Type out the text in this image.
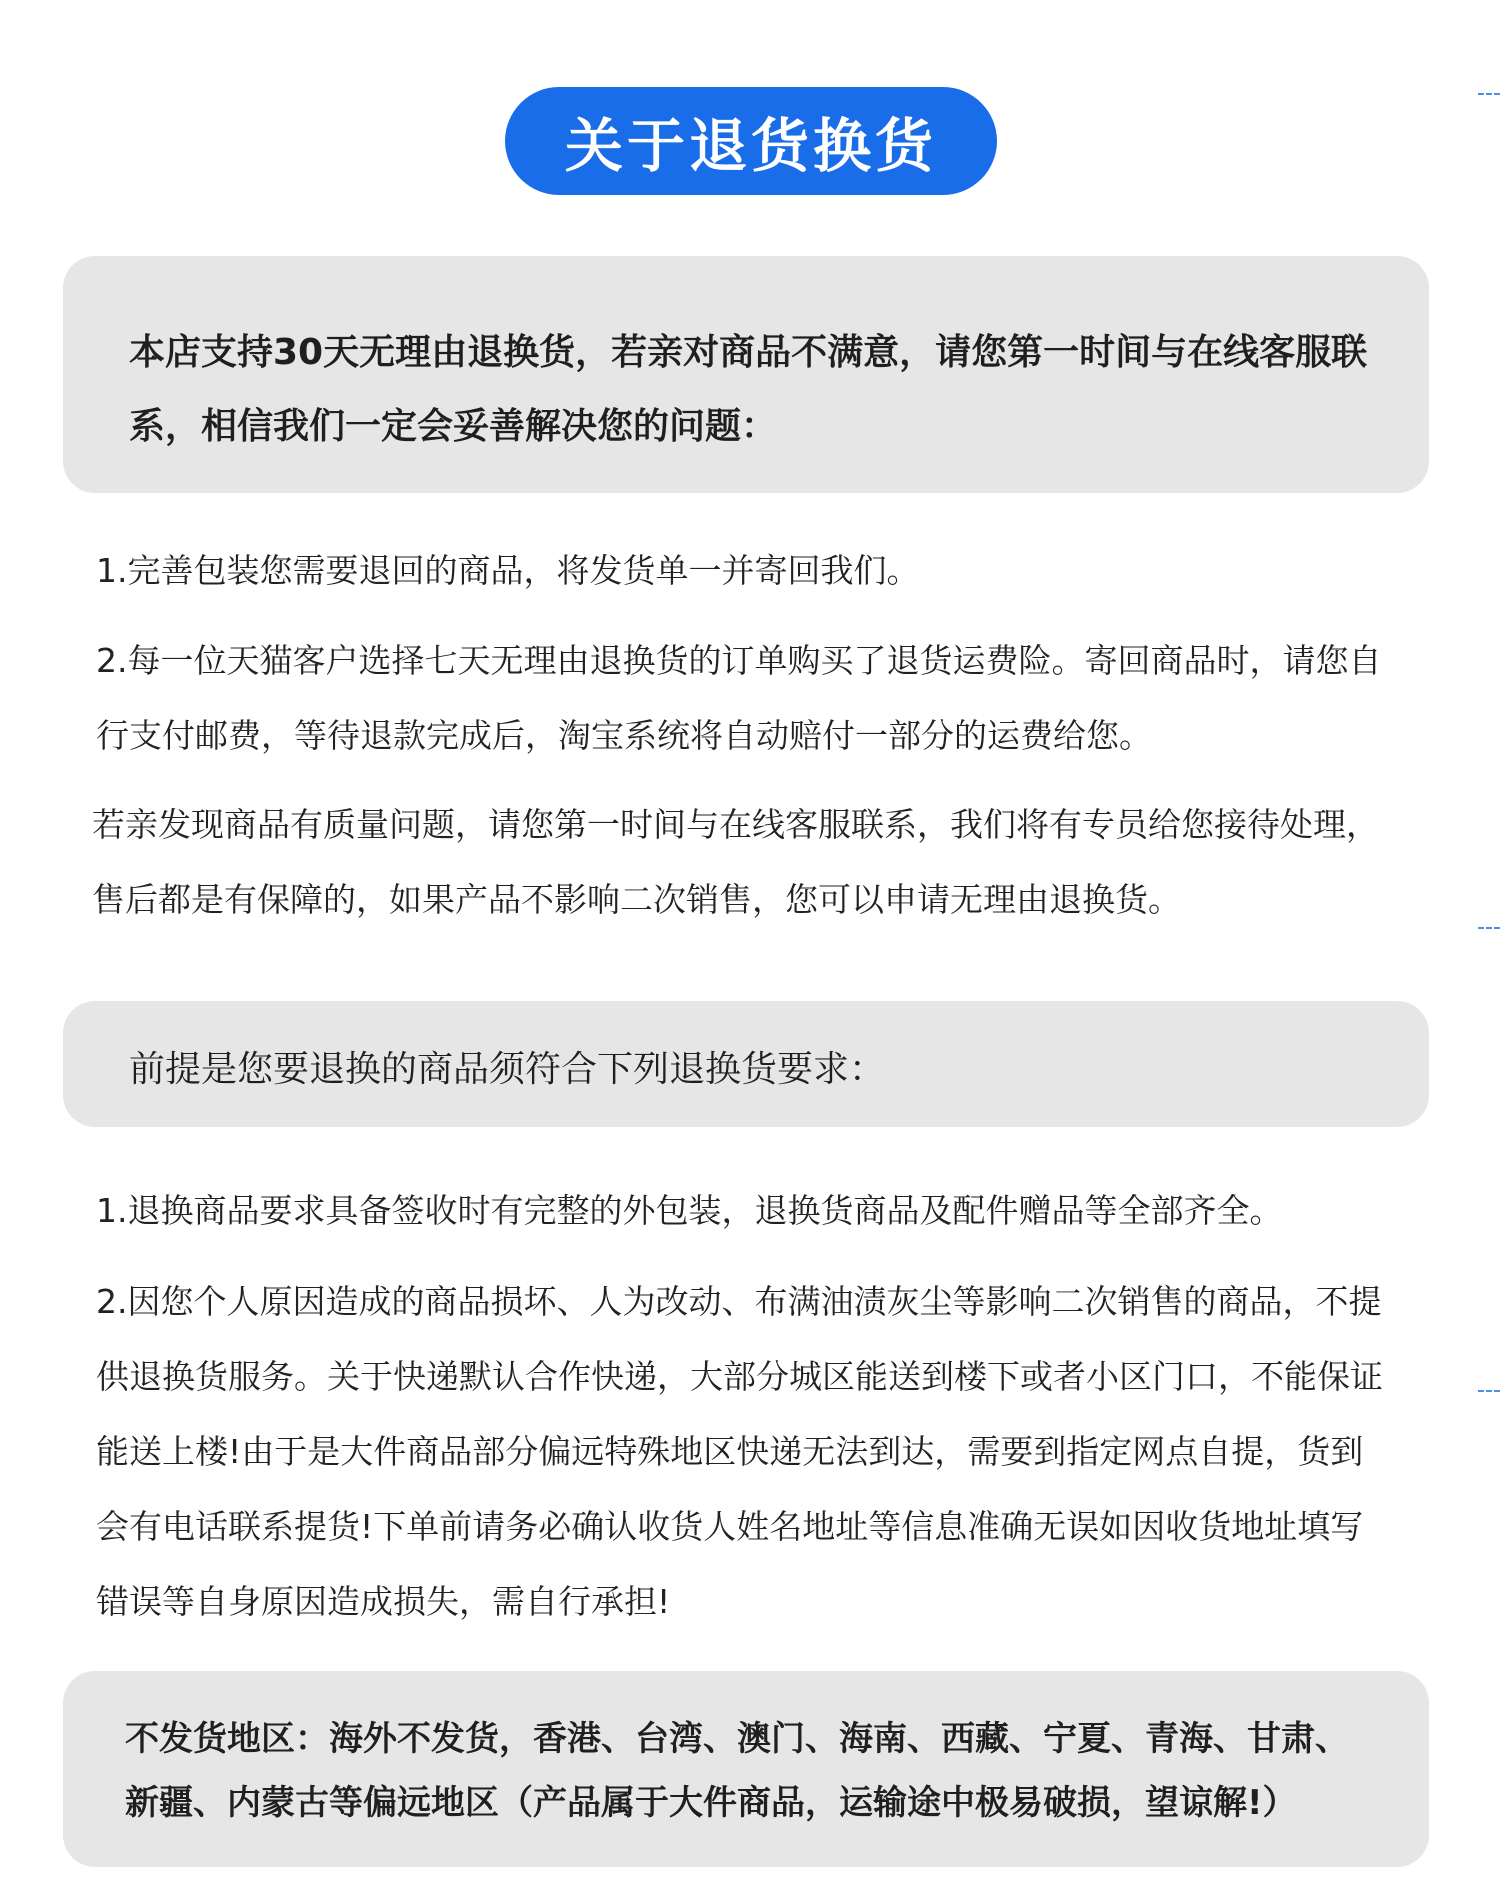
关于退货换货

本店支持30天无理由退换货，若亲对商品不满意，请您第一时间与在线客服联系，相信我们一定会妥善解决您的问题：

1.完善包装您需要退回的商品，将发货单一并寄回我们。

2.每一位天猫客户选择七天无理由退换货的订单购买了退货运费险。寄回商品时，请您自行支付邮费，等待退款完成后，淘宝系统将自动赔付一部分的运费给您。

若亲发现商品有质量问题，请您第一时间与在线客服联系，我们将有专员给您接待处理，售后都是有保障的，如果产品不影响二次销售，您可以申请无理由退换货。

前提是您要退换的商品须符合下列退换货要求：

1.退换商品要求具备签收时有完整的外包装，退换货商品及配件赠品等全部齐全。

2.因您个人原因造成的商品损坏、人为改动、布满油渍灰尘等影响二次销售的商品，不提供退换货服务。关于快递默认合作快递，大部分城区能送到楼下或者小区门口，不能保证能送上楼!由于是大件商品部分偏远特殊地区快递无法到达，需要到指定网点自提，货到会有电话联系提货!下单前请务必确认收货人姓名地址等信息准确无误如因收货地址填写错误等自身原因造成损失，需自行承担!

不发货地区：海外不发货，香港、台湾、澳门、海南、西藏、宁夏、青海、甘肃、新疆、内蒙古等偏远地区（产品属于大件商品，运输途中极易破损，望谅解!）
